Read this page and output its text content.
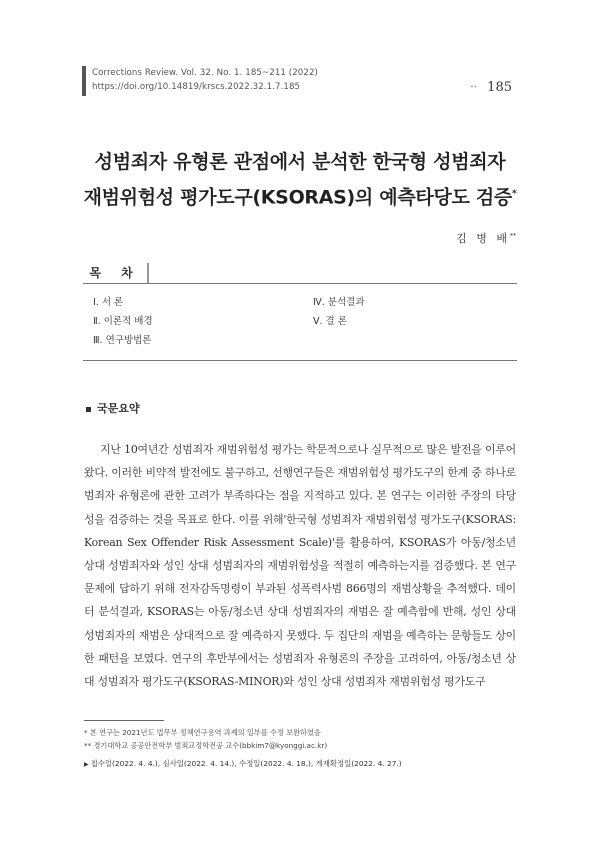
Corrections Review. Vol. 32. No. 1. 185~211 (2022)
https://doi.org/10.14819/krscs.2022.32.1.7.185	•• 185
성범죄자 유형론 관점에서 분석한 한국형 성범죄자
재범위험성 평가도구(KSORAS)의 예측타당도 검증*
김 병 배**
목 차
Ⅰ. 서 론
Ⅱ. 이론적 배경
Ⅲ. 연구방법론
Ⅳ. 분석결과
Ⅴ. 결 론
국문요약
지난 10여년간 성범죄자 재범위험성 평가는 학문적으로나 실무적으로 많은 발전을 이루어 왔다. 이러한 비약적 발전에도 불구하고, 선행연구들은 재범위험성 평가도구의 한계 중 하나로 범죄자 유형론에 관한 고려가 부족하다는 점을 지적하고 있다. 본 연구는 이러한 주장의 타당성을 검증하는 것을 목표로 한다. 이를 위해'한국형 성범죄자 재범위험성 평가도구(KSORAS: Korean Sex Offender Risk Assessment Scale)'를 활용하여, KSORAS가 아동/청소년 상대 성범죄자와 성인 상대 성범죄자의 재범위험성을 적절히 예측하는지를 검증했다. 본 연구문제에 답하기 위해 전자감독명령이 부과된 성폭력사범 866명의 재범상황을 추적했다. 데이터 분석결과, KSORAS는 아동/청소년 상대 성범죄자의 재범은 잘 예측함에 반해, 성인 상대 성범죄자의 재범은 상대적으로 잘 예측하지 못했다. 두 집단의 재범을 예측하는 문항들도 상이한 패턴을 보였다. 연구의 후반부에서는 성범죄자 유형론의 주장을 고려하여, 아동/청소년 상대 성범죄자 평가도구(KSORAS-MINOR)와 성인 상대 성범죄자 재범위험성 평가도구
* 본 연구는 2021년도 법무부 정책연구용역 과제의 일부를 수정 보완하였음
** 경기대학교 공공안전학부 범죄교정학전공 교수(bbkim7@kyonggi.ac.kr)
▶ 접수일(2022. 4. 4.), 심사일(2022. 4. 14.), 수정일(2022. 4. 18.), 게재확정일(2022. 4. 27.)
